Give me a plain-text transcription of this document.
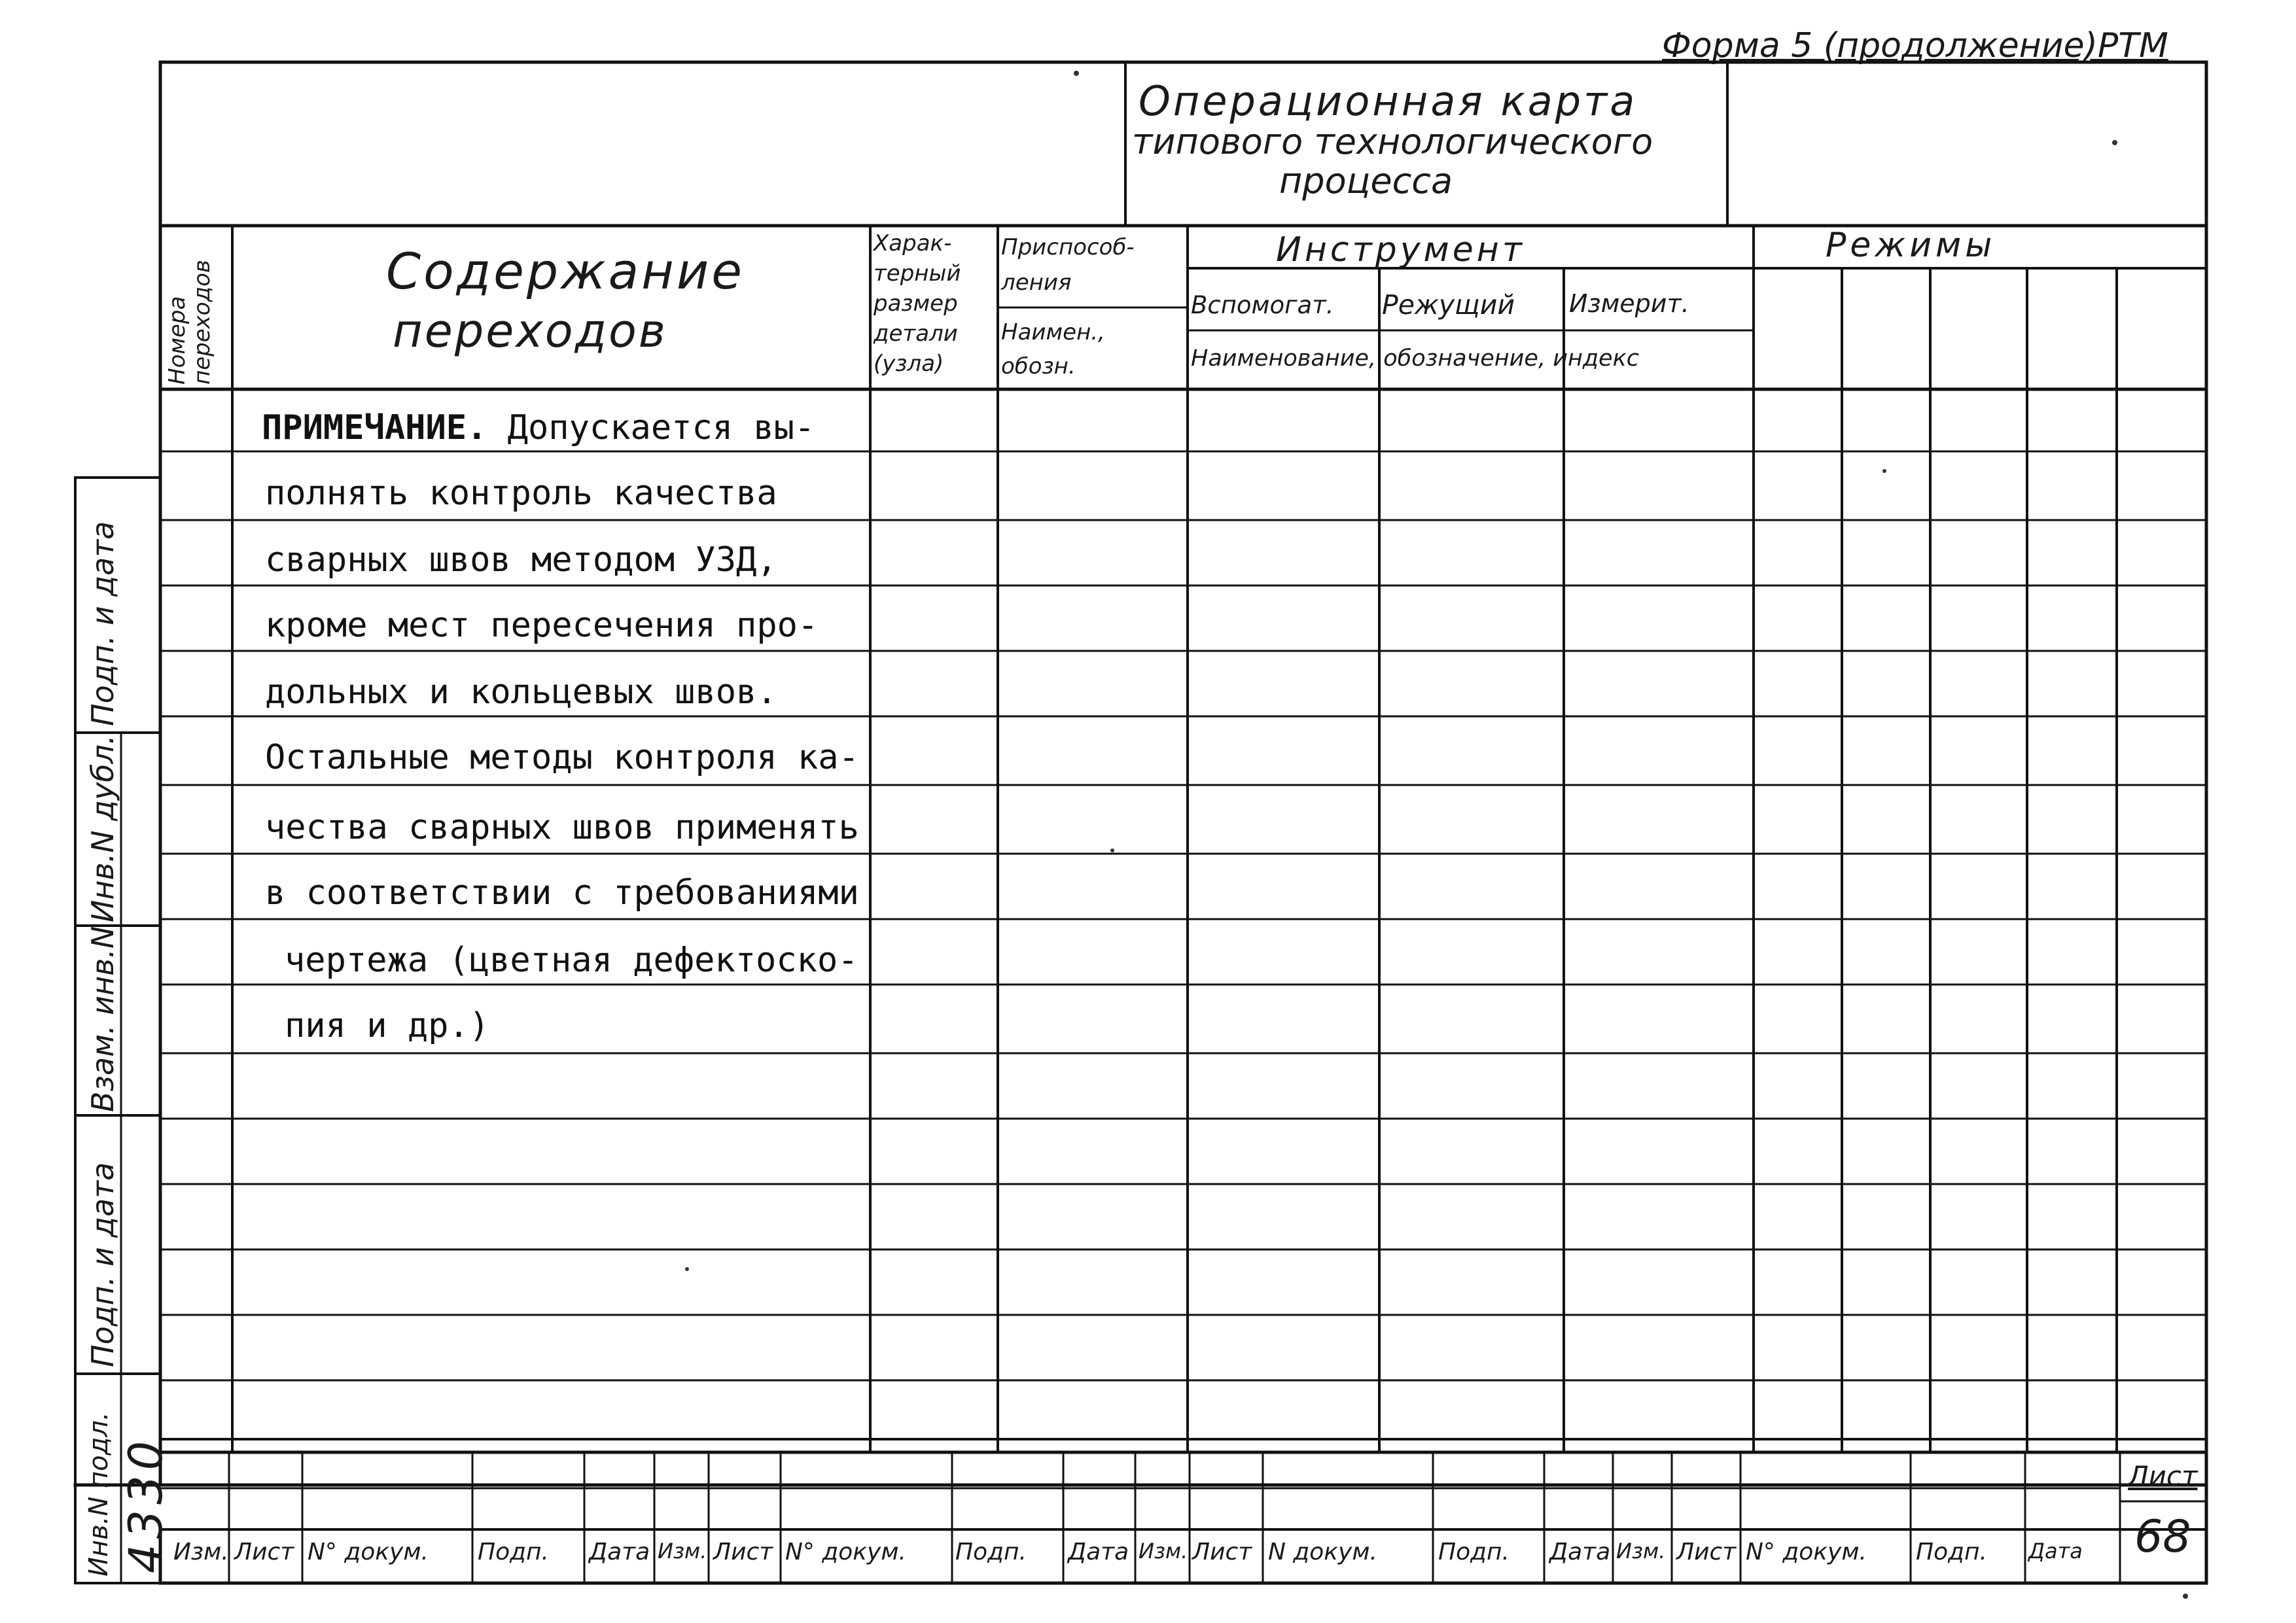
Форма 5 (продолжение)РТМ
Операционная карта
типового технологического
процесса
Номера переходов	Содержание
переходов
Харак-
терный
размер
детали
(узла)
Приспособ-
ления
Наимен.,
обозн.
Инструмент
Вспомогат. Режущий Измерит.
Наименование, обозначение, индекс
Режимы
ПРИМЕЧАНИЕ. Допускается вы-
полнять контроль качества
сварных швов методом УЗД,
кроме мест пересечения про-
дольных и кольцевых швов.
Остальные методы контроля ка-
чества сварных швов применять
в соответствии с требованиями
чертежа (цветная дефектоско-
пия и др.)
Подп. и дата
Инв.N дубл.
Взам. инв.N
Подп. и дата
Инв.N подл. 4330 Изм. Лист N° докум. Подп. Дата Изм. Лист N° докум. Подп. Дата Изм. Лист N докум.	Подп. Дата Изм. Лист N° докум. Подп. Дата
Лист
68
